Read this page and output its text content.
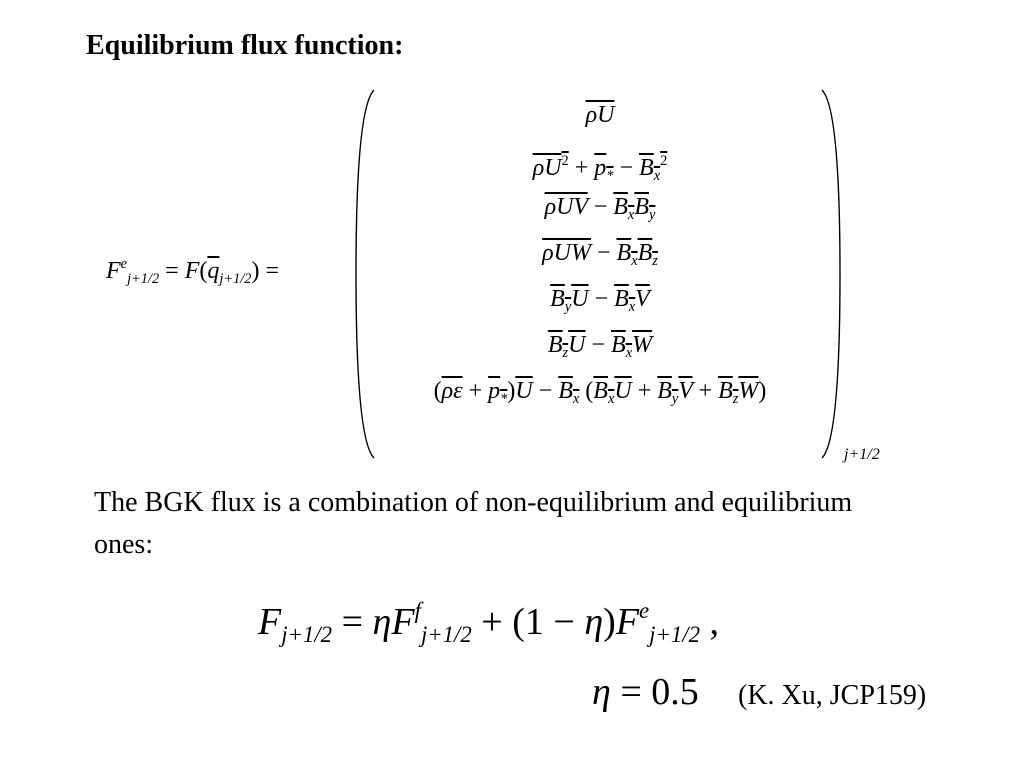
Equilibrium flux function:
$F^e_{j+1/2} = F(\overline{q}_{j+1/2})$ =
$\overline{\rho U}$
$\rho U^2 + p_* - B_x^2$
$\overline{\rho UV} - B_xB_y$
$\overline{\rho UW} - B_xB_z$
$B_yU - B_xV$
$B_zU - B_xW$
$(\overline{\rho\varepsilon} + p_*)\overline{U} - B_x$ $(B_xU + B_yV + B_zW)$
j+1/2
The BGK flux is a combination of non-equilibrium and equilibrium ones:
$F_{j+1/2} = \eta F^f_{j+1/2} + (1 - \eta)F^e_{j+1/2}$ ,
η = 0.5 (K. Xu, JCP159)
